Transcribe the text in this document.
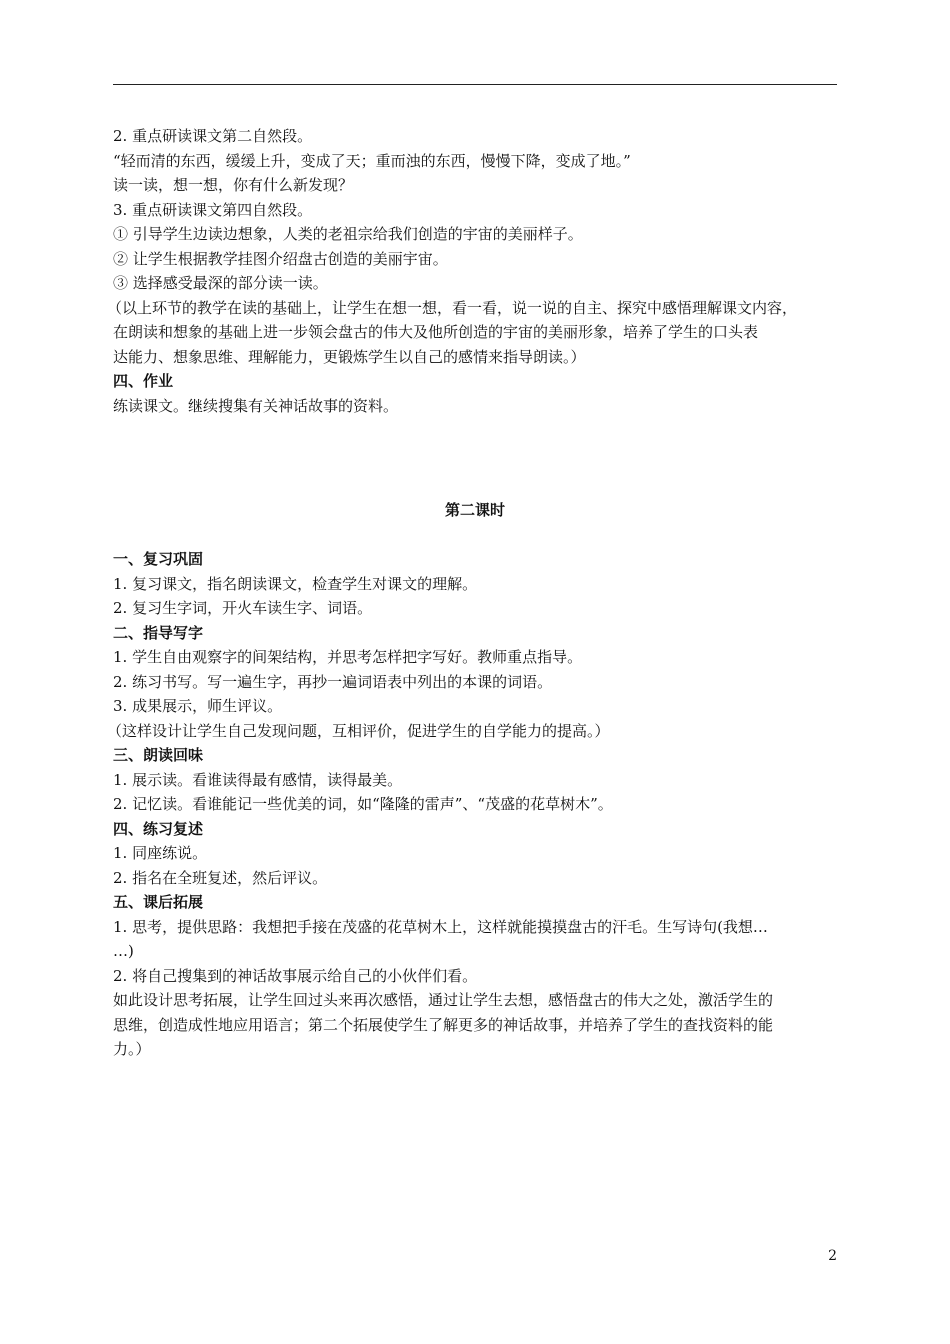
2. 重点研读课文第二自然段。
“轻而清的东西，缓缓上升，变成了天；重而浊的东西，慢慢下降，变成了地。”
读一读，想一想，你有什么新发现？
3. 重点研读课文第四自然段。
① 引导学生边读边想象，人类的老祖宗给我们创造的宇宙的美丽样子。
② 让学生根据教学挂图介绍盘古创造的美丽宇宙。
③ 选择感受最深的部分读一读。
（以上环节的教学在读的基础上，让学生在想一想，看一看，说一说的自主、探究中感悟理解课文内容，
在朗读和想象的基础上进一步领会盘古的伟大及他所创造的宇宙的美丽形象，培养了学生的口头表
达能力、想象思维、理解能力，更锻炼学生以自己的感情来指导朗读。）
四、作业
练读课文。继续搜集有关神话故事的资料。
第二课时
一、复习巩固
1. 复习课文，指名朗读课文，检查学生对课文的理解。
2. 复习生字词，开火车读生字、词语。
二、指导写字
1. 学生自由观察字的间架结构，并思考怎样把字写好。教师重点指导。
2. 练习书写。写一遍生字，再抄一遍词语表中列出的本课的词语。
3. 成果展示，师生评议。
（这样设计让学生自己发现问题，互相评价，促进学生的自学能力的提高。）
三、朗读回味
1. 展示读。看谁读得最有感情，读得最美。
2. 记忆读。看谁能记一些优美的词，如“隆隆的雷声”、“茂盛的花草树木”。
四、练习复述
1. 同座练说。
2. 指名在全班复述，然后评议。
五、课后拓展
1. 思考，提供思路：我想把手接在茂盛的花草树木上，这样就能摸摸盘古的汗毛。生写诗句(我想…
…)
2. 将自己搜集到的神话故事展示给自己的小伙伴们看。
如此设计思考拓展，让学生回过头来再次感悟，通过让学生去想，感悟盘古的伟大之处，激活学生的
思维，创造成性地应用语言；第二个拓展使学生了解更多的神话故事，并培养了学生的查找资料的能
力。）
2
